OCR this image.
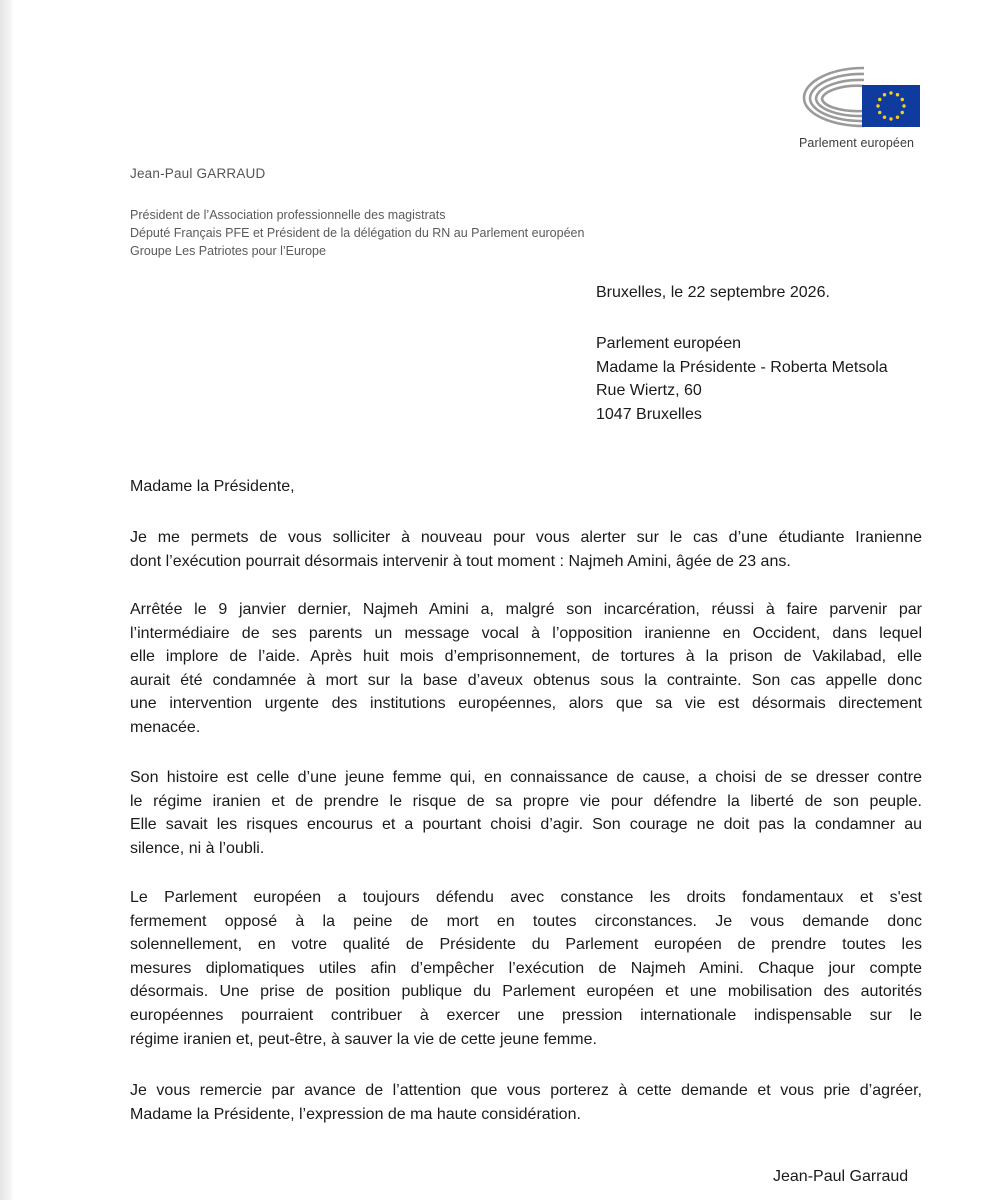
Parlement européen
Jean-Paul GARRAUD
Président de l’Association professionnelle des magistrats
Député Français PFE et Président de la délégation du RN au Parlement européen
Groupe Les Patriotes pour l’Europe
Bruxelles, le 22 septembre 2026.
Parlement européen
Madame la Présidente - Roberta Metsola
Rue Wiertz, 60
1047 Bruxelles
Madame la Présidente,

Je me permets de vous solliciter à nouveau pour vous alerter sur le cas d’une étudiante Iranienne
dont l’exécution pourrait désormais intervenir à tout moment : Najmeh Amini, âgée de 23 ans.

Arrêtée le 9 janvier dernier, Najmeh Amini a, malgré son incarcération, réussi à faire parvenir par
l’intermédiaire de ses parents un message vocal à l’opposition iranienne en Occident, dans lequel
elle implore de l’aide. Après huit mois d’emprisonnement, de tortures à la prison de Vakilabad, elle
aurait été condamnée à mort sur la base d’aveux obtenus sous la contrainte. Son cas appelle donc
une intervention urgente des institutions européennes, alors que sa vie est désormais directement
menacée.

Son histoire est celle d’une jeune femme qui, en connaissance de cause, a choisi de se dresser contre
le régime iranien et de prendre le risque de sa propre vie pour défendre la liberté de son peuple.
Elle savait les risques encourus et a pourtant choisi d’agir. Son courage ne doit pas la condamner au
silence, ni à l’oubli.

Le Parlement européen a toujours défendu avec constance les droits fondamentaux et s'est
fermement opposé à la peine de mort en toutes circonstances. Je vous demande donc
solennellement, en votre qualité de Présidente du Parlement européen de prendre toutes les
mesures diplomatiques utiles afin d’empêcher l’exécution de Najmeh Amini. Chaque jour compte
désormais. Une prise de position publique du Parlement européen et une mobilisation des autorités
européennes pourraient contribuer à exercer une pression internationale indispensable sur le
régime iranien et, peut-être, à sauver la vie de cette jeune femme.

Je vous remercie par avance de l’attention que vous porterez à cette demande et vous prie d’agréer,
Madame la Présidente, l’expression de ma haute considération.

Jean-Paul Garraud
